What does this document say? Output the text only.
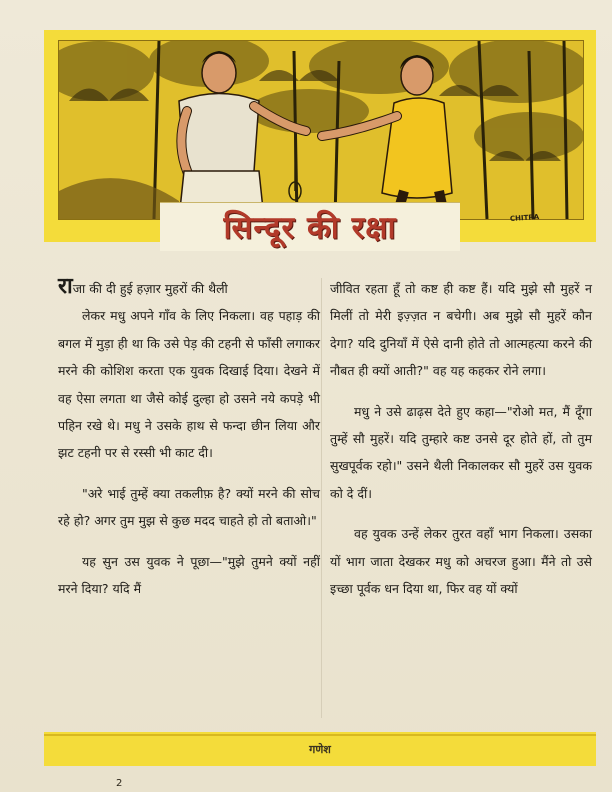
सिन्दूर की रक्षा	CHITRA

राजा की दी हुई हज़ार मुहरों की थैली

लेकर मधु अपने गाँव के लिए निकला। वह पहाड़ की बगल में मुड़ा ही था कि उसे पेड़ की टहनी से फाँसी लगाकर मरने की कोशिश करता एक युवक दिखाई दिया। देखने में वह ऐसा लगता था जैसे कोई दुल्हा हो उसने नये कपड़े भी पहिन रखे थे। मधु ने उसके हाथ से फन्दा छीन लिया और झट टहनी पर से रस्सी भी काट दी।

"अरे भाई तुम्हें क्या तकलीफ़ है? क्यों मरने की सोच रहे हो? अगर तुम मुझ से कुछ मदद चाहते हो तो बताओ।"

यह सुन उस युवक ने पूछा—"मुझे तुमने क्यों नहीं मरने दिया? यदि मैं

जीवित रहता हूँ तो कष्ट ही कष्ट हैं। यदि मुझे सौ मुहरें न मिलीं तो मेरी इज़्ज़त न बचेगी। अब मुझे सौ मुहरें कौन देगा? यदि दुनियाँ में ऐसे दानी होते तो आत्महत्या करने की नौबत ही क्यों आती?" वह यह कहकर रोने लगा।

मधु ने उसे ढाढ़स देते हुए कहा—"रोओ मत, मैं दूँगा तुम्हें सौ मुहरें। यदि तुम्हारे कष्ट उनसे दूर होते हों, तो तुम सुखपूर्वक रहो।" उसने थैली निकालकर सौ मुहरें उस युवक को दे दीं।

वह युवक उन्हें लेकर तुरत वहाँ भाग निकला। उसका यों भाग जाता देखकर मधु को अचरज हुआ। मैंने तो उसे इच्छा पूर्वक धन दिया था, फिर वह यों क्यों

गणेश
2
